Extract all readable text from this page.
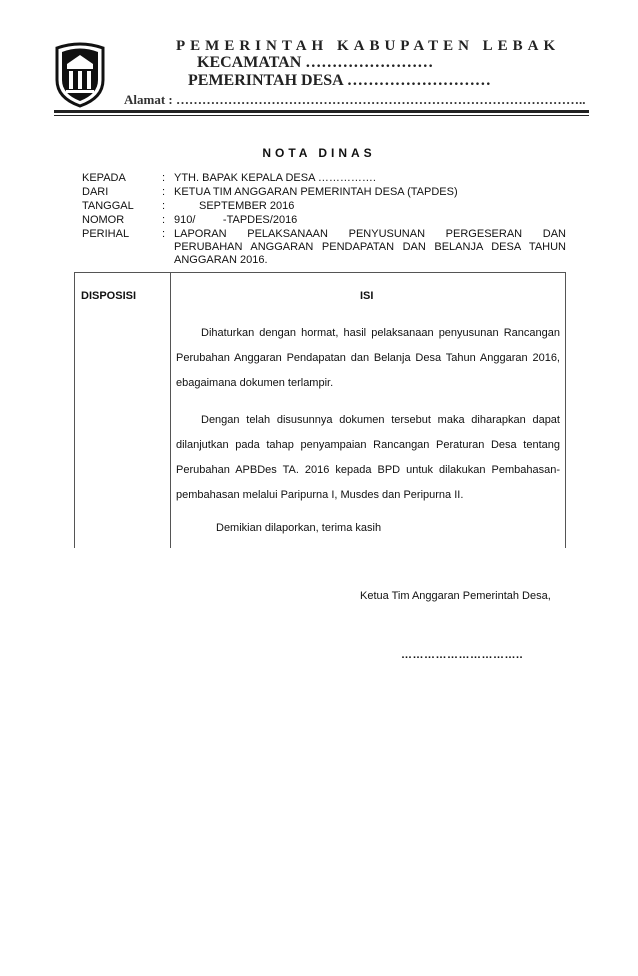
PEMERINTAH KABUPATEN LEBAK
KECAMATAN ……………………
PEMERINTAH DESA ………………………
Alamat : …………………………………………………………………………………..
NOTA DINAS
KEPADA	: YTH. BAPAK KEPALA DESA …………….
DARI	: KETUA TIM ANGGARAN PEMERINTAH DESA (TAPDES)
TANGGAL	:	SEPTEMBER 2016
NOMOR	: 910/         -TAPDES/2016
PERIHAL	: LAPORAN PELAKSANAAN PENYUSUNAN PERGESERAN DAN PERUBAHAN ANGGARAN PENDAPATAN DAN BELANJA DESA TAHUN ANGGARAN 2016.
DISPOSISI	ISI
Dihaturkan dengan hormat, hasil pelaksanaan penyusunan Rancangan Perubahan Anggaran Pendapatan dan Belanja Desa Tahun Anggaran 2016, ebagaimana dokumen terlampir.
Dengan telah disusunnya dokumen tersebut maka diharapkan dapat dilanjutkan pada tahap penyampaian Rancangan Peraturan Desa tentang Perubahan APBDes TA. 2016 kepada BPD untuk dilakukan Pembahasan-pembahasan melalui Paripurna I, Musdes dan Peripurna II.
Demikian dilaporkan, terima kasih
Ketua Tim Anggaran Pemerintah Desa,
…………………………..
